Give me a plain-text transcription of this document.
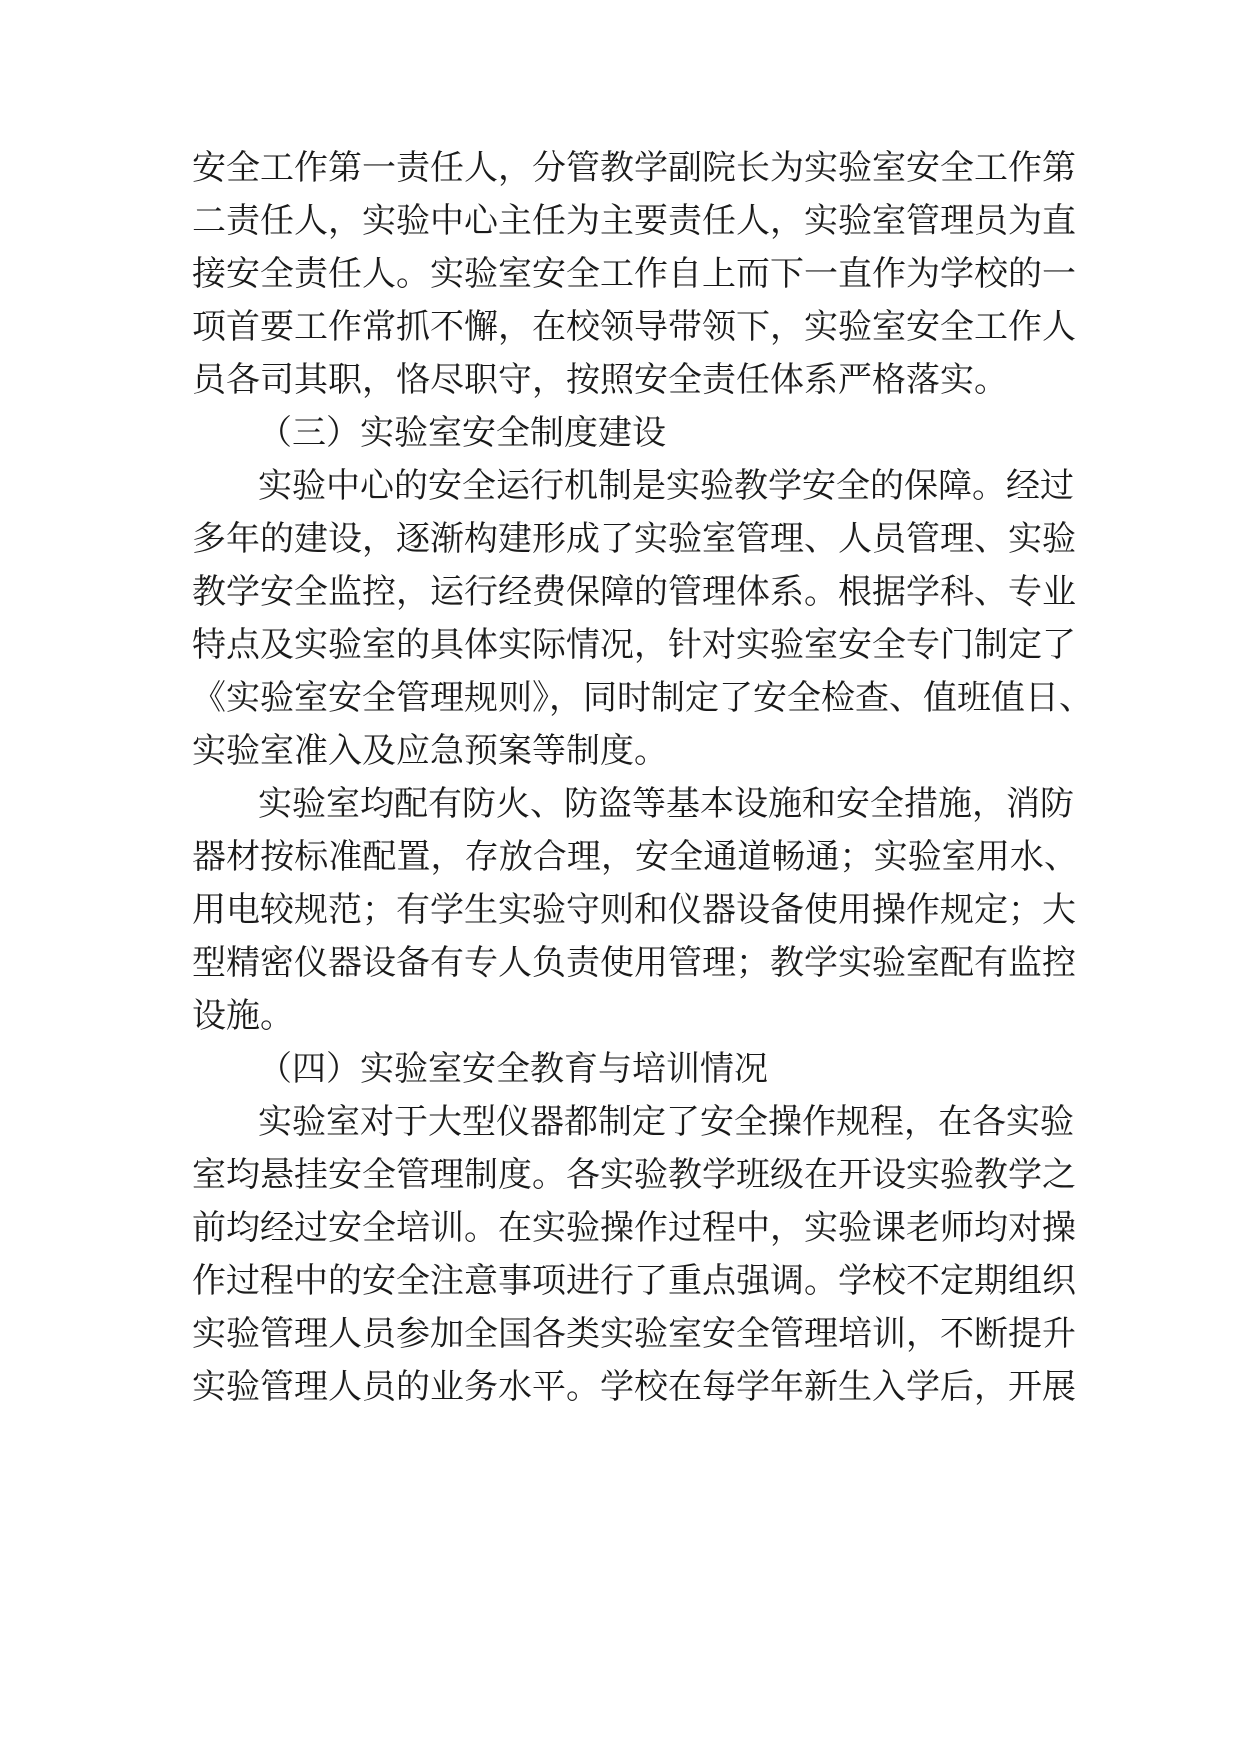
安全工作第一责任人，分管教学副院长为实验室安全工作第
二责任人，实验中心主任为主要责任人，实验室管理员为直
接安全责任人。实验室安全工作自上而下一直作为学校的一
项首要工作常抓不懈，在校领导带领下，实验室安全工作人
员各司其职，恪尽职守，按照安全责任体系严格落实。
（三）实验室安全制度建设
实验中心的安全运行机制是实验教学安全的保障。经过
多年的建设，逐渐构建形成了实验室管理、人员管理、实验
教学安全监控，运行经费保障的管理体系。根据学科、专业
特点及实验室的具体实际情况，针对实验室安全专门制定了
《实验室安全管理规则》，同时制定了安全检查、值班值日、
实验室准入及应急预案等制度。
实验室均配有防火、防盗等基本设施和安全措施，消防
器材按标准配置，存放合理，安全通道畅通；实验室用水、
用电较规范；有学生实验守则和仪器设备使用操作规定；大
型精密仪器设备有专人负责使用管理；教学实验室配有监控
设施。
（四）实验室安全教育与培训情况
实验室对于大型仪器都制定了安全操作规程，在各实验
室均悬挂安全管理制度。各实验教学班级在开设实验教学之
前均经过安全培训。在实验操作过程中，实验课老师均对操
作过程中的安全注意事项进行了重点强调。学校不定期组织
实验管理人员参加全国各类实验室安全管理培训，不断提升
实验管理人员的业务水平。学校在每学年新生入学后，开展
